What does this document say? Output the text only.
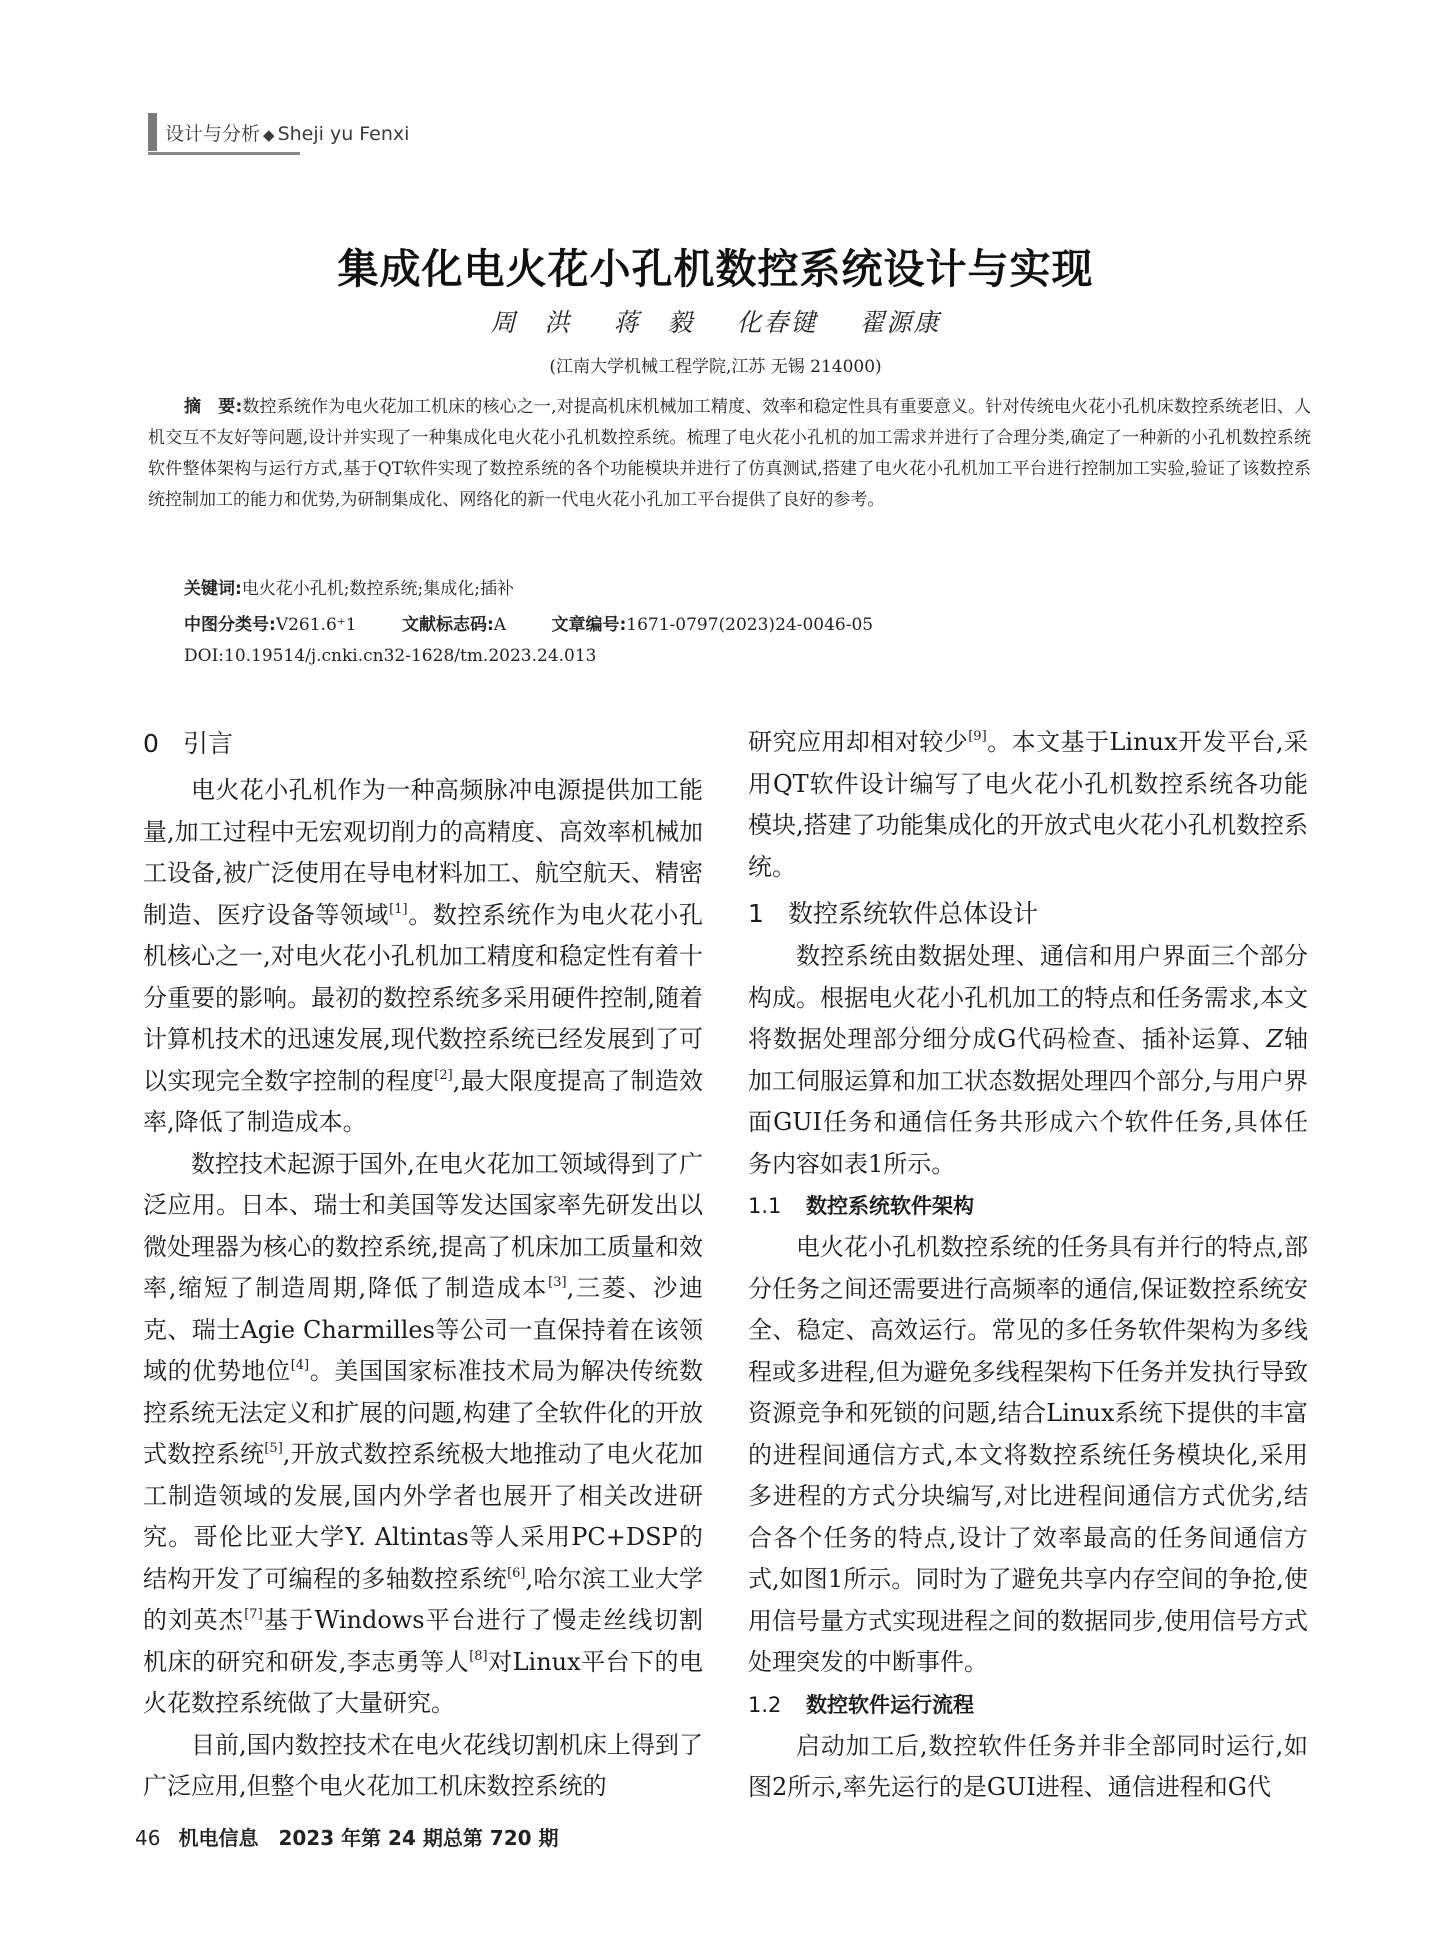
设计与分析 ◆ Sheji yu Fenxi
集成化电火花小孔机数控系统设计与实现
周　洪 蒋　毅 化春键 翟源康
(江南大学机械工程学院,江苏 无锡 214000)
摘　要:数控系统作为电火花加工机床的核心之一,对提高机床机械加工精度、效率和稳定性具有重要意义。针对传统电火花小孔机床数控系统老旧、人机交互不友好等问题,设计并实现了一种集成化电火花小孔机数控系统。梳理了电火花小孔机的加工需求并进行了合理分类,确定了一种新的小孔机数控系统软件整体架构与运行方式,基于QT软件实现了数控系统的各个功能模块并进行了仿真测试,搭建了电火花小孔机加工平台进行控制加工实验,验证了该数控系统控制加工的能力和优势,为研制集成化、网络化的新一代电火花小孔加工平台提供了良好的参考。
关键词:电火花小孔机;数控系统;集成化;插补
中图分类号:V261.6⁺1	文献标志码:A	文章编号:1671-0797(2023)24-0046-05
DOI:10.19514/j.cnki.cn32-1628/tm.2023.24.013
0 引言

电火花小孔机作为一种高频脉冲电源提供加工能量,加工过程中无宏观切削力的高精度、高效率机械加工设备,被广泛使用在导电材料加工、航空航天、精密制造、医疗设备等领域[1]。数控系统作为电火花小孔机核心之一,对电火花小孔机加工精度和稳定性有着十分重要的影响。最初的数控系统多采用硬件控制,随着计算机技术的迅速发展,现代数控系统已经发展到了可以实现完全数字控制的程度[2],最大限度提高了制造效率,降低了制造成本。

数控技术起源于国外,在电火花加工领域得到了广泛应用。日本、瑞士和美国等发达国家率先研发出以微处理器为核心的数控系统,提高了机床加工质量和效率,缩短了制造周期,降低了制造成本[3],三菱、沙迪克、瑞士Agie Charmilles等公司一直保持着在该领域的优势地位[4]。美国国家标准技术局为解决传统数控系统无法定义和扩展的问题,构建了全软件化的开放式数控系统[5],开放式数控系统极大地推动了电火花加工制造领域的发展,国内外学者也展开了相关改进研究。哥伦比亚大学Y. Altintas等人采用PC+DSP的结构开发了可编程的多轴数控系统[6],哈尔滨工业大学的刘英杰[7]基于Windows平台进行了慢走丝线切割机床的研究和研发,李志勇等人[8]对Linux平台下的电火花数控系统做了大量研究。

目前,国内数控技术在电火花线切割机床上得到了广泛应用,但整个电火花加工机床数控系统的

研究应用却相对较少[9]。本文基于Linux开发平台,采用QT软件设计编写了电火花小孔机数控系统各功能模块,搭建了功能集成化的开放式电火花小孔机数控系统。

1 数控系统软件总体设计

数控系统由数据处理、通信和用户界面三个部分构成。根据电火花小孔机加工的特点和任务需求,本文将数据处理部分细分成G代码检查、插补运算、Z轴加工伺服运算和加工状态数据处理四个部分,与用户界面GUI任务和通信任务共形成六个软件任务,具体任务内容如表1所示。

1.1 数控系统软件架构

电火花小孔机数控系统的任务具有并行的特点,部分任务之间还需要进行高频率的通信,保证数控系统安全、稳定、高效运行。常见的多任务软件架构为多线程或多进程,但为避免多线程架构下任务并发执行导致资源竞争和死锁的问题,结合Linux系统下提供的丰富的进程间通信方式,本文将数控系统任务模块化,采用多进程的方式分块编写,对比进程间通信方式优劣,结合各个任务的特点,设计了效率最高的任务间通信方式,如图1所示。同时为了避免共享内存空间的争抢,使用信号量方式实现进程之间的数据同步,使用信号方式处理突发的中断事件。

1.2 数控软件运行流程

启动加工后,数控软件任务并非全部同时运行,如图2所示,率先运行的是GUI进程、通信进程和G代

46 机电信息　2023 年第 24 期总第 720 期
